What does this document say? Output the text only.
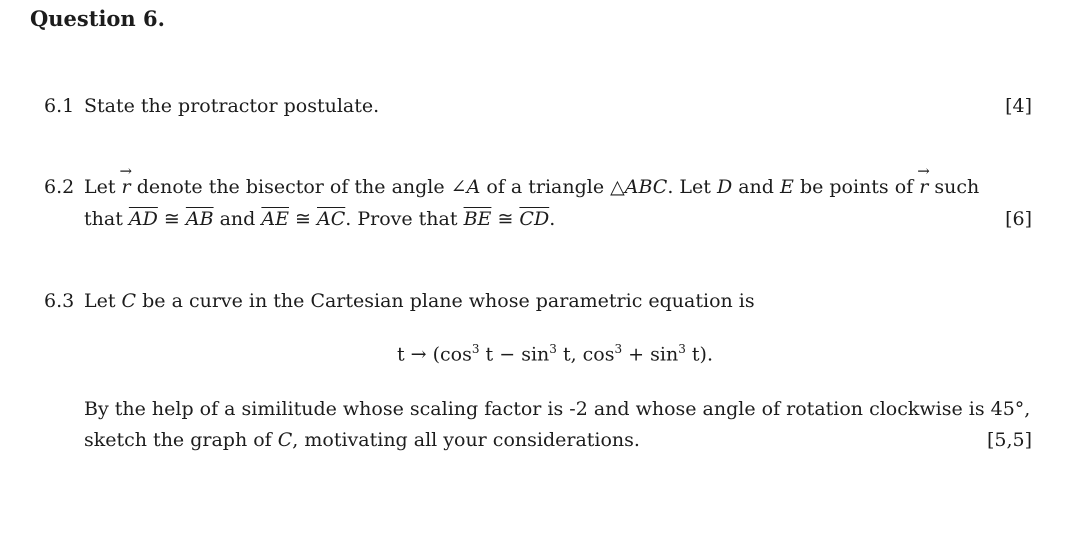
Question 6.
6.1 State the protractor postulate.	[4]
6.2 Let → r denote the bisector of the angle ∠A of a triangle △ABC. Let D and E be points of → r such
that $\overline{AD}$ ≅ $\overline{AB}$ and $\overline{AE}$ ≅ $\overline{AC}$. Prove that $\overline{BE}$ ≅ $\overline{CD}$.	[6]
6.3 Let C be a curve in the Cartesian plane whose parametric equation is
$t \to (\cos^3$ $t - \sin^3 t$, $\cos^3 + \sin^3 t$).
By the help of a similitude whose scaling factor is -2 and whose angle of rotation clockwise is 45°,
sketch the graph of C, motivating all your considerations.	[5,5]
